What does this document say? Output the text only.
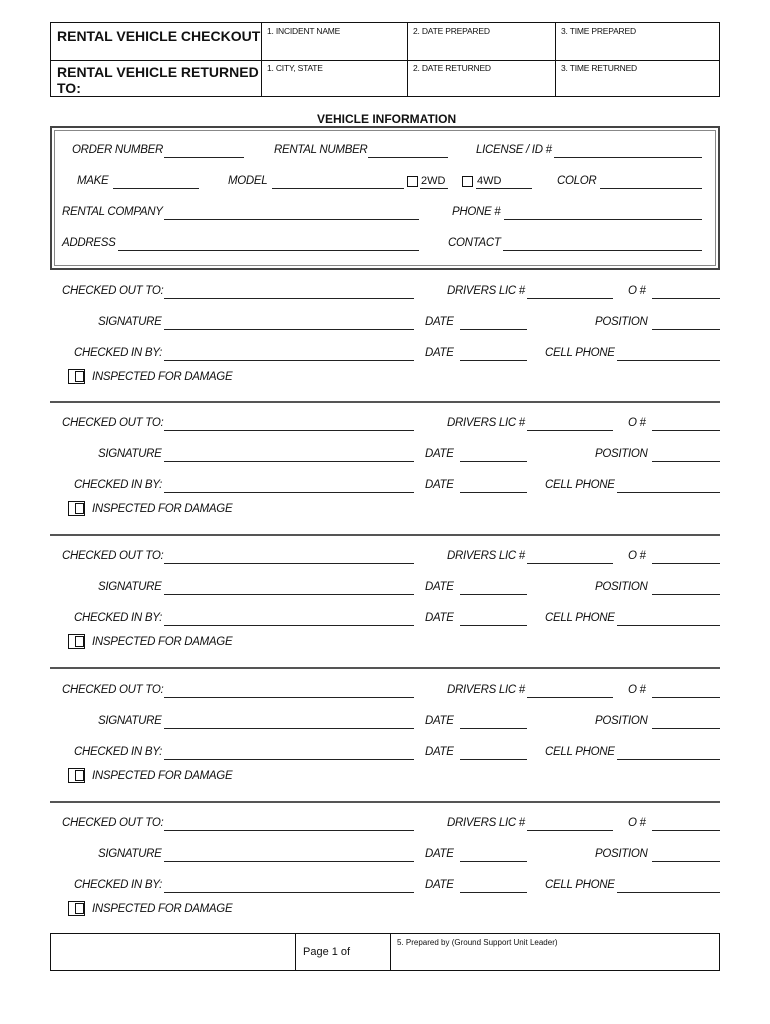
RENTAL VEHICLE CHECKOUT 1. INCIDENT NAME	2. DATE PREPARED	3. TIME PREPARED
RENTAL VEHICLE RETURNED
TO:
1. CITY, STATE	2. DATE RETURNED	3. TIME RETURNED
VEHICLE INFORMATION
ORDER NUMBER	RENTAL NUMBER	LICENSE / ID #
MAKE	MODEL	2WD	4WD	COLOR
RENTAL COMPANY	PHONE #
ADDRESS	CONTACT
CHECKED OUT TO:	DRIVERS LIC #	O #
SIGNATURE	DATE	POSITION
CHECKED IN BY:	DATE	CELL PHONE
INSPECTED FOR DAMAGE
CHECKED OUT TO:	DRIVERS LIC #	O #
SIGNATURE	DATE	POSITION
CHECKED IN BY:	DATE	CELL PHONE
INSPECTED FOR DAMAGE
CHECKED OUT TO:	DRIVERS LIC #	O #
SIGNATURE	DATE	POSITION
CHECKED IN BY:	DATE	CELL PHONE
INSPECTED FOR DAMAGE
CHECKED OUT TO:	DRIVERS LIC #	O #
SIGNATURE	DATE	POSITION
CHECKED IN BY:	DATE	CELL PHONE
INSPECTED FOR DAMAGE
CHECKED OUT TO:	DRIVERS LIC #	O #
SIGNATURE	DATE	POSITION
CHECKED IN BY:	DATE	CELL PHONE
INSPECTED FOR DAMAGE
Page 1 of
5. Prepared by (Ground Support Unit Leader)
